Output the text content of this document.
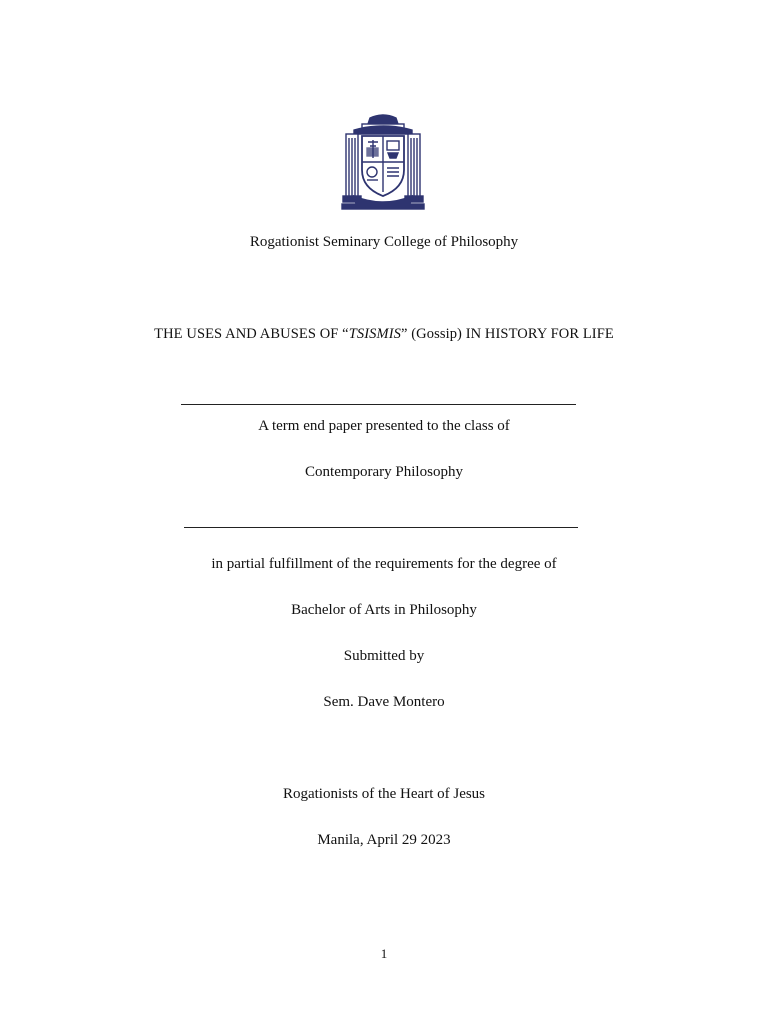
Rogationist Seminary College of Philosophy
THE USES AND ABUSES OF “TSISMIS” (Gossip) IN HISTORY FOR LIFE
A term end paper presented to the class of
Contemporary Philosophy
in partial fulfillment of the requirements for the degree of
Bachelor of Arts in Philosophy
Submitted by
Sem. Dave Montero
Rogationists of the Heart of Jesus
Manila, April 29 2023
1
